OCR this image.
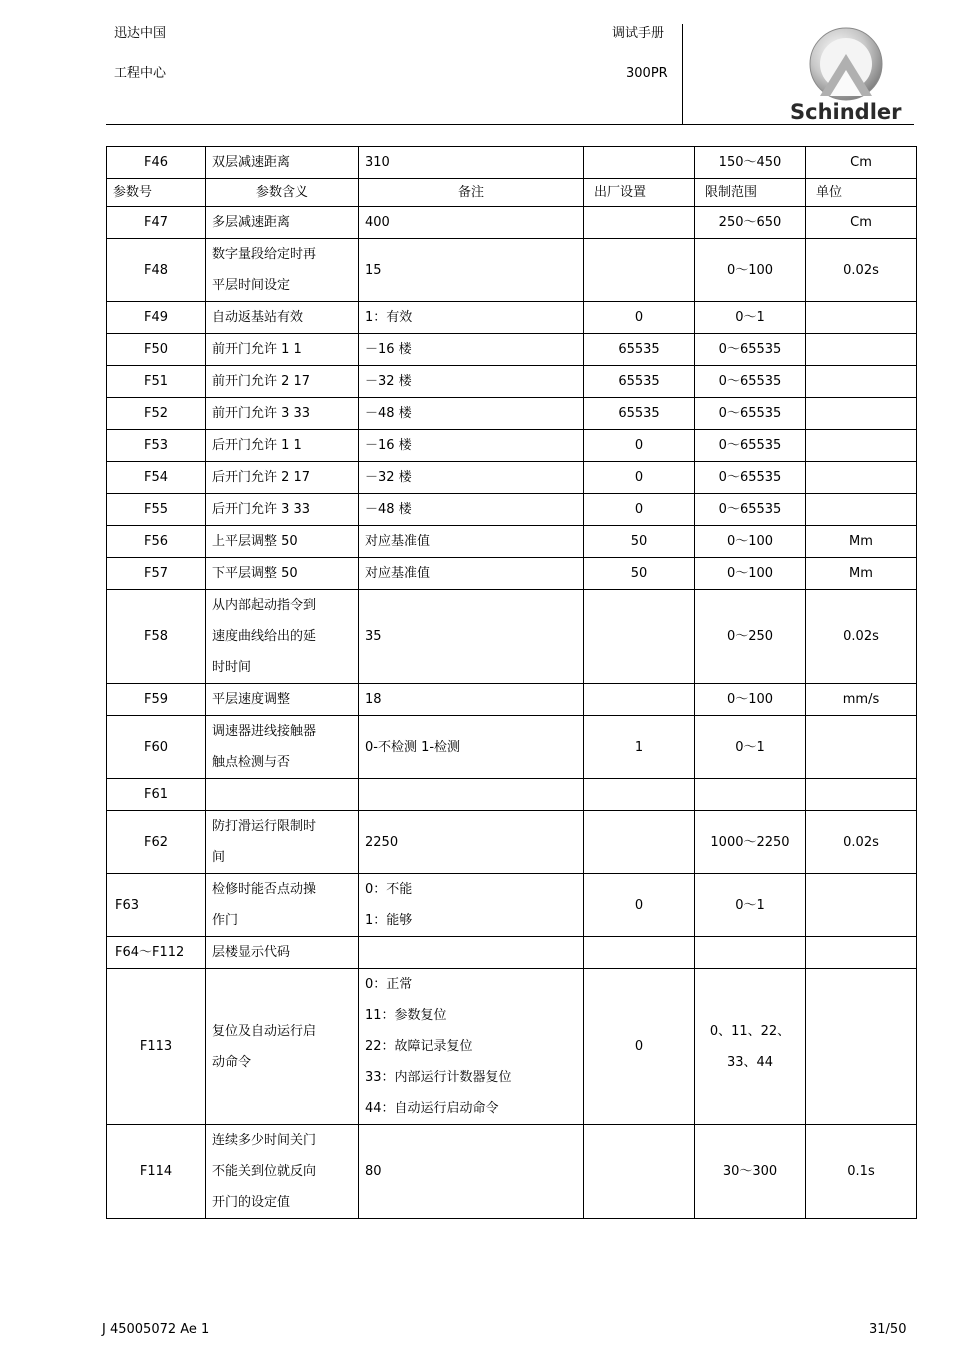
迅达中国
工程中心
调试手册
300PR
Schindler
F46	双层减速距离	310		150～450	Cm
参数号	参数含义	备注	出厂设置	限制范围	单位
F47	多层减速距离	400		250～650	Cm
F48	数字量段给定时再
平层时间设定	15		0～100	0.02s
F49	自动返基站有效	1：有效	0	0～1	

F50	前开门允许 1 1	－16 楼	65535	0～65535	

F51	前开门允许 2 17	－32 楼	65535	0～65535	

F52	前开门允许 3 33	－48 楼	65535	0～65535	

F53	后开门允许 1 1	－16 楼	0	0～65535	

F54	后开门允许 2 17	－32 楼	0	0～65535	

F55	后开门允许 3 33	－48 楼	0	0～65535	

F56	上平层调整 50	对应基准值	50	0～100	Mm
F57	下平层调整 50	对应基准值	50	0～100	Mm
F58	从内部起动指令到
速度曲线给出的延
时时间	35		0～250	0.02s
F59	平层速度调整	18		0～100	mm/s
F60	调速器进线接触器
触点检测与否	0-不检测 1-检测	1	0～1	

F61	

F62	防打滑运行限制时
间	2250		1000～2250	0.02s
F63	检修时能否点动操
作门	0：不能
1：能够	0	0～1	

F64～F112	层楼显示代码				

F113	复位及自动运行启
动命令	0：正常
11：参数复位
22：故障记录复位
33：内部运行计数器复位
44：自动运行启动命令	0	0、11、22、
33、44	

F114	连续多少时间关门
不能关到位就反向
开门的设定值	80		30～300	0.1s
J 45005072 Ae 1	31/50
